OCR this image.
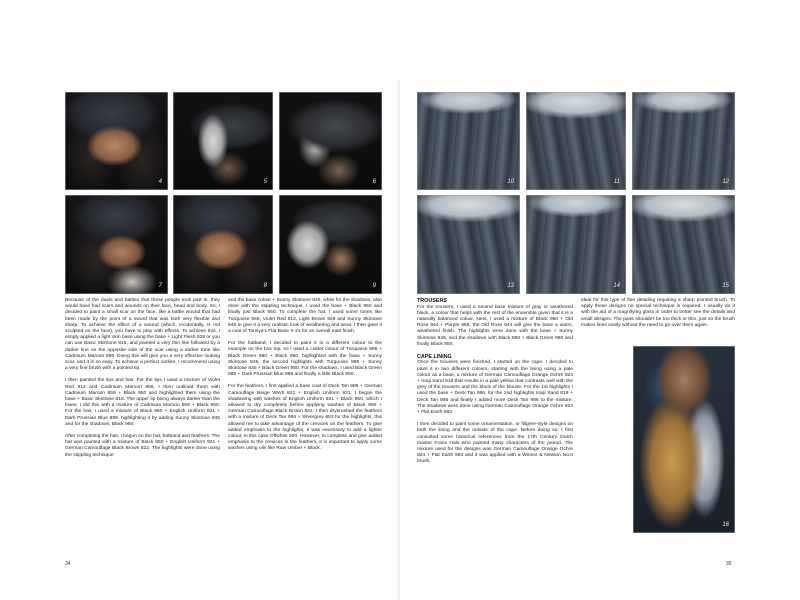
4	5	6
7	8	9

Because of the duels and battles that these people took part in, they would have had scars and wounds on their face, head and body. So, I decided to paint a small scar on the face, like a battle wound that had been made by the point of a sword that was both very flexible and sharp. To achieve the effect of a wound (which, incidentally, is not sculpted on the face), you have to play with effects. To achieve this, I simply applied a light skin base using the base + Light Flesh 928 or you can use Basic Skintone 815, and painted a very thin line followed by a darker line on the opposite side of the scar using a darker tone like Cadmium Maroon 859. Doing this will give you a very effective looking scar, and it is so easy. To achieve a perfect outline, I recommend using a very fine brush with a pointed tip.

I then painted the lips and hair. For the lips I used a mixture of Violet Red 812 and Cadmium Maroon 859. I then outlined them with Cadmium Maroon 859 + Black 950 and highlighted them using the base + Basic Skintone 815. The upper lip being always darker than the lower, I did this with a mixture of Cadmium Maroon 859 + Black 950. For the hair, I used a mixture of Black 950 + English Uniform 921 + Dark Prussian Blue 899, highlighting it by adding Sunny Skintone 845 and for the shadows, Black 950.

After completing the hair, I begun on the hat, hatband and feathers. The hat was painted with a mixture of Black 950 + English Uniform 921 + German Camouflage Black Brown 822. The highlights were done using the stippling technique

and the base colour + Sunny Skintone 845, while for the shadows, also done with the stippling technique, I used the base + Black 950 and finally just Black 950. To complete the hat, I used some tones like Turquoise 966, Violet Red 812, Light Brown 929 and Sunny Skintone 845 to give it a very realistic look of weathering and wear. I then gave it a coat of Tamiya's Flat Base X-21 for an overall matt finish.

For the hatband, I decided to paint it in a different colour to the example on the box top, so I used a colder colour of Turquoise 966 + Black Green 980 + Black 950, highlighted with the base + Sunny Skintone 845, the second highlights with Turquoise 899 + Sunny Skintone 845 + Black Green 980. For the shadows, I used Black Green 980 + Dark Prussian Blue 899 and finally a little Black 950.

For the feathers, I first applied a base coat of Deck Tan 986 + German Camouflage Beige WWII 821 + English Uniform 921. I began the shadowing with washes of English Uniform 921 + Black 950, which I allowed to dry completely before applying washes of Black 950 + German Camouflage Black Brown 822. I then drybrushed the feathers with a mixture of Deck Tan 986 + Silvergrey 883 for the highlights, this allowed me to take advantage of the crevices on the feathers. To give added emphasis to the highlights, it was necessary to add a lighter colour, in this case Offwhite 820. However, to complete and give added emphasis to the crevices in the feathers, it is important to apply some washes using oils like Raw Umber + Black.

34
10	11	12
13	14	15
TROUSERS

For the trousers, I used a neutral base mixture of gray or weathered black, a colour that helps with the rest of the ensemble given that it is a naturally balanced colour. Next, I used a mixture of Black 950 + Old Rose 944 + Purple 959, the Old Rose 944 will give the base a warm, weathered finish. The highlights were done with the base + Sunny Skintone 845, and the shadows with Black 950 + Black Green 980 and finally Black 950.

CAPE LINING

Once the trousers were finished, I started on the cape. I decided to paint it in two different colours, starting with the lining using a pale colour as a base, a mixture of German Camouflage Orange Ochre 824 + Iraqi Sand 819 that results in a pale yellow that contrasts well with the grey of the trousers and the black of the blouse. For the 1st highlights I used the base + Deck Tan 986, for the 2nd highlights Iraqi Sand 819 + Deck Tan 986 and finally I added more Deck Tan 986 to the mixture. The shadows were done using German Camouflage Orange Ochre 824 + Flat Earth 983.

I then decided to paint some ornamentation, or filigree-style designs on both the lining and the outside of the cape. Before doing so, I first consulted some historical references from the 17th Century Dutch master Frans Hals who painted many characters of the period. The mixture used for the designs was German Camouflage Orange Ochre 824 + Flat Earth 983 and it was applied with a Winsor & Newton No.0 brush,

ideal for this type of fine detailing requiring a sharp pointed brush. To apply these designs no special technique is required. I usually do it with the aid of a magnifying glass in order to better see the details and small designs. The paint shouldn't be too thick or thin, just so the brush makes lines easily without the need to go over them again.

16
35
